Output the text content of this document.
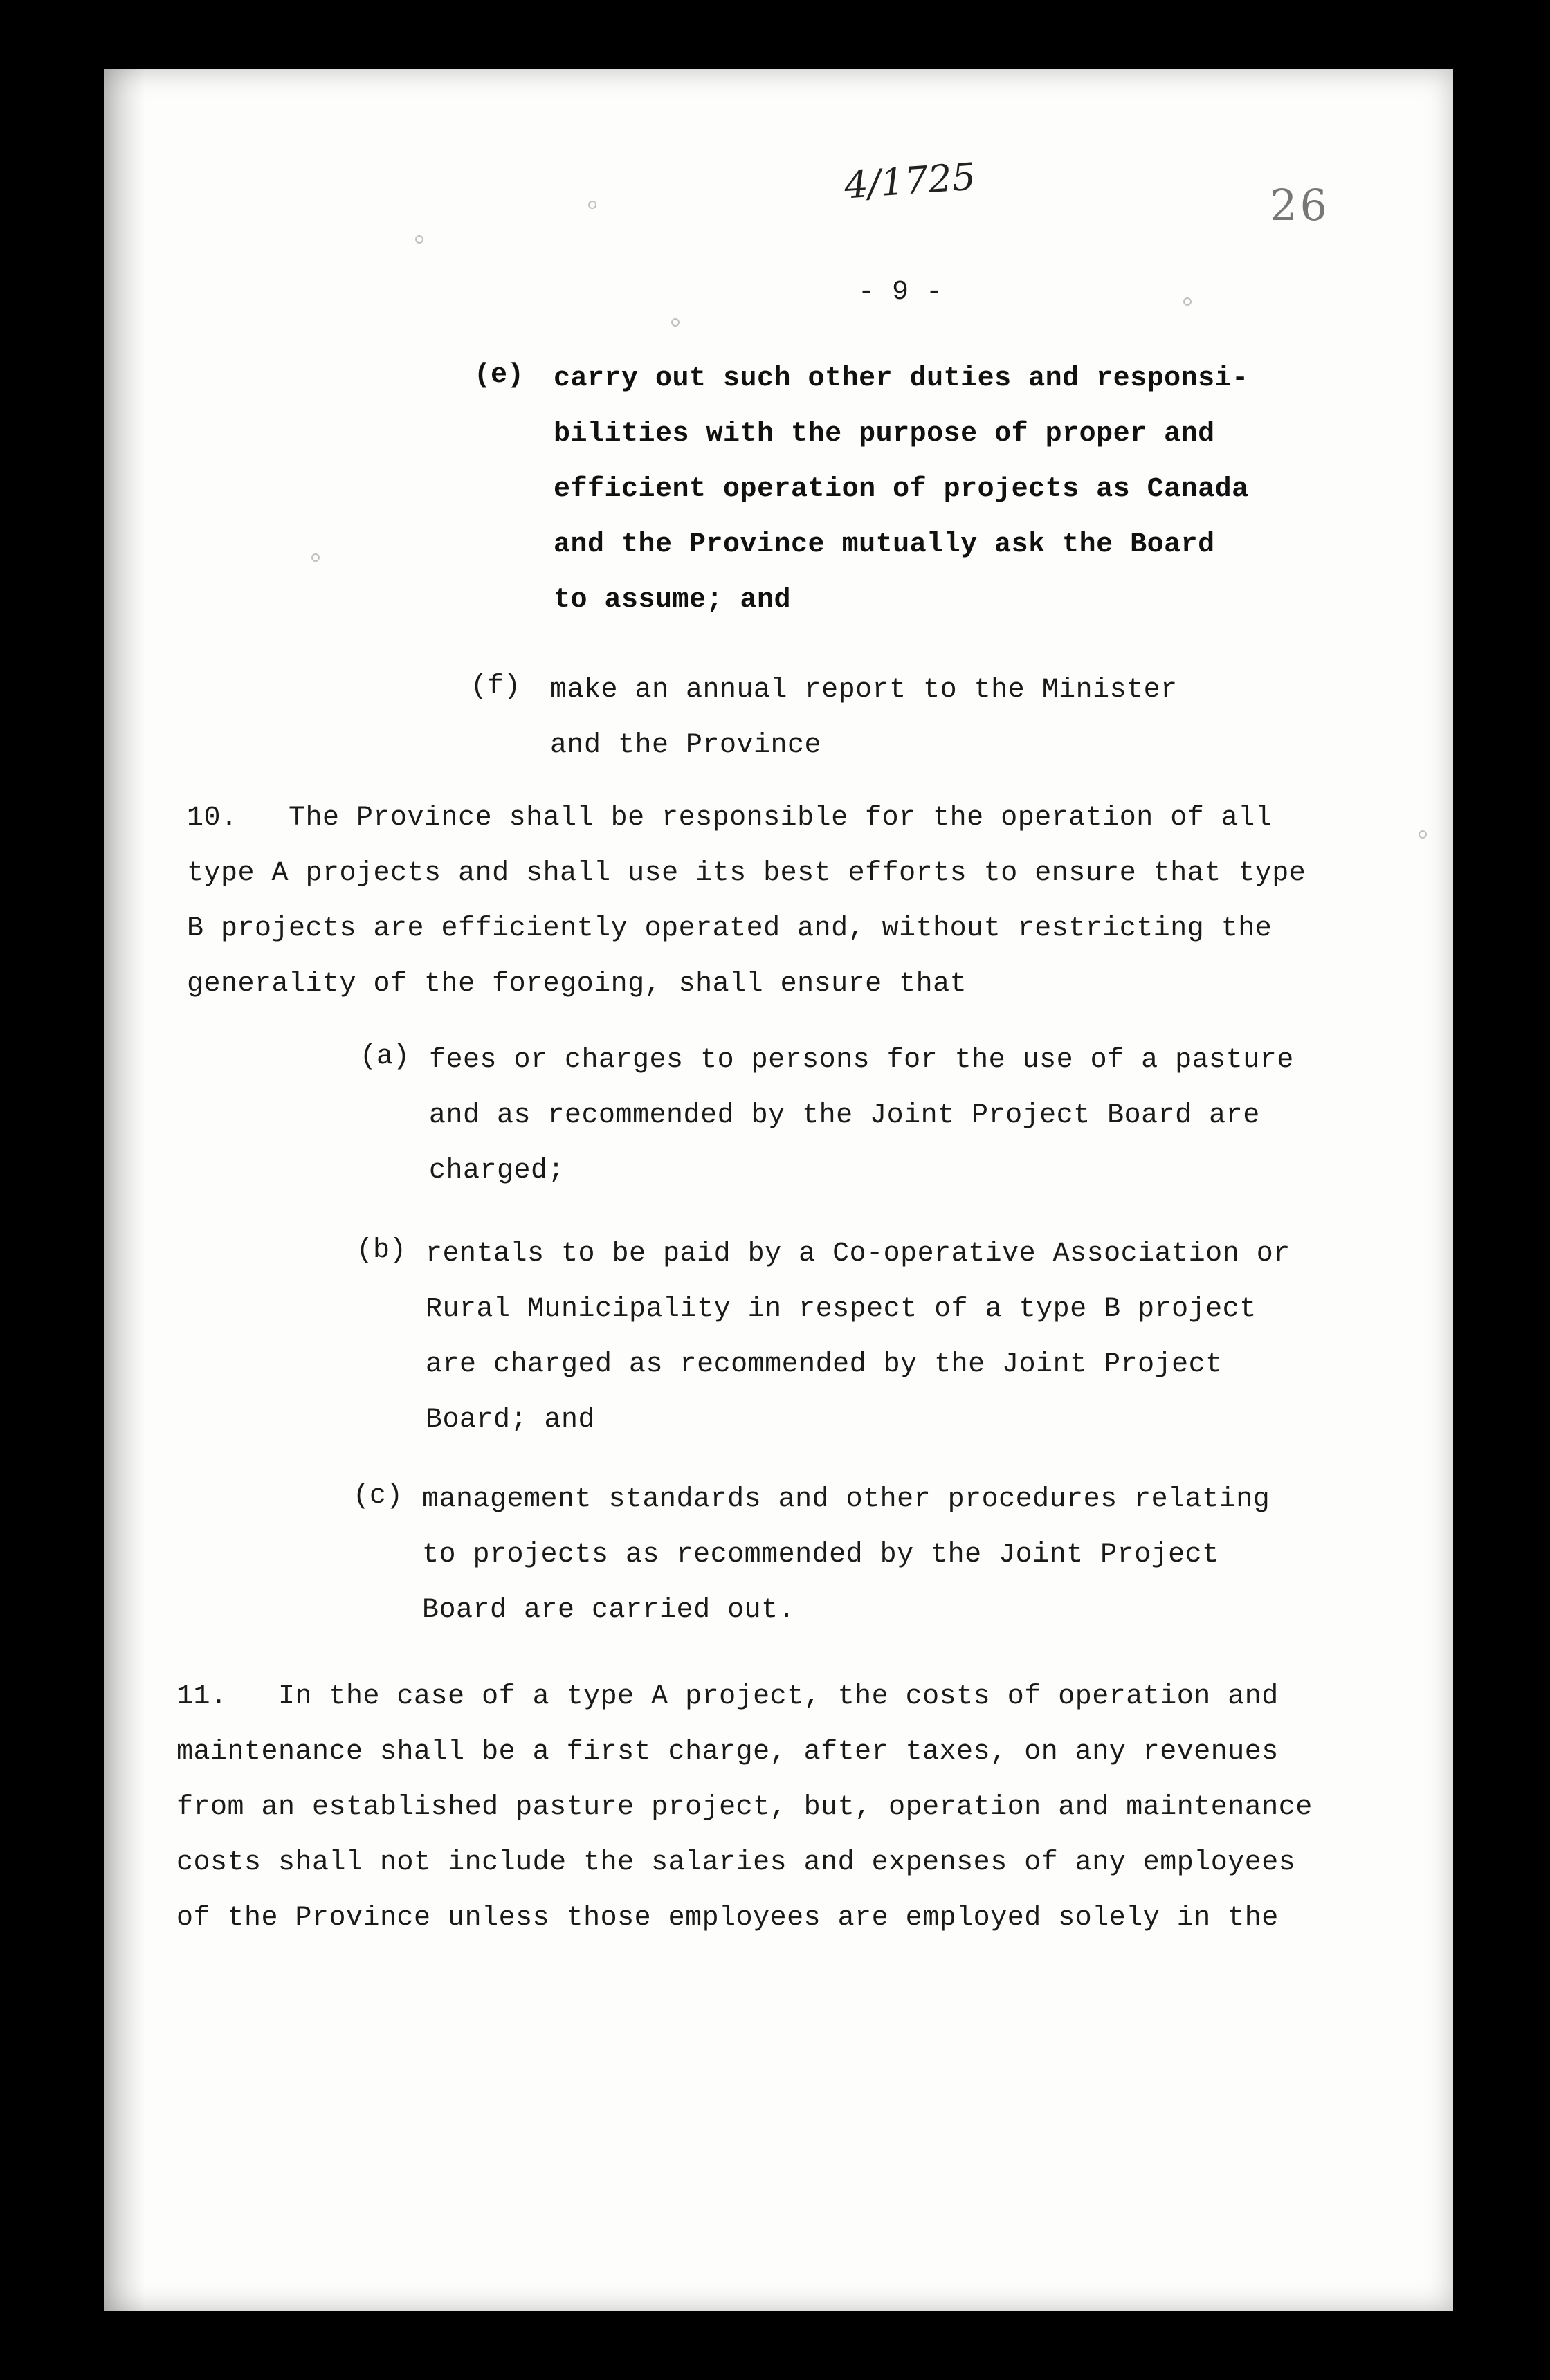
4/1725	26
- 9 -
(e) carry out such other duties and responsi-
bilities with the purpose of proper and
efficient operation of projects as Canada
and the Province mutually ask the Board
to assume; and
(f) make an annual report to the Minister
and the Province
10.   The Province shall be responsible for the operation of all
type A projects and shall use its best efforts to ensure that type
B projects are efficiently operated and, without restricting the
generality of the foregoing, shall ensure that
(a) fees or charges to persons for the use of a pasture
and as recommended by the Joint Project Board are
charged;
(b) rentals to be paid by a Co-operative Association or
Rural Municipality in respect of a type B project
are charged as recommended by the Joint Project
Board; and
(c) management standards and other procedures relating
to projects as recommended by the Joint Project
Board are carried out.
11.   In the case of a type A project, the costs of operation and
maintenance shall be a first charge, after taxes, on any revenues
from an established pasture project, but, operation and maintenance
costs shall not include the salaries and expenses of any employees
of the Province unless those employees are employed solely in the
